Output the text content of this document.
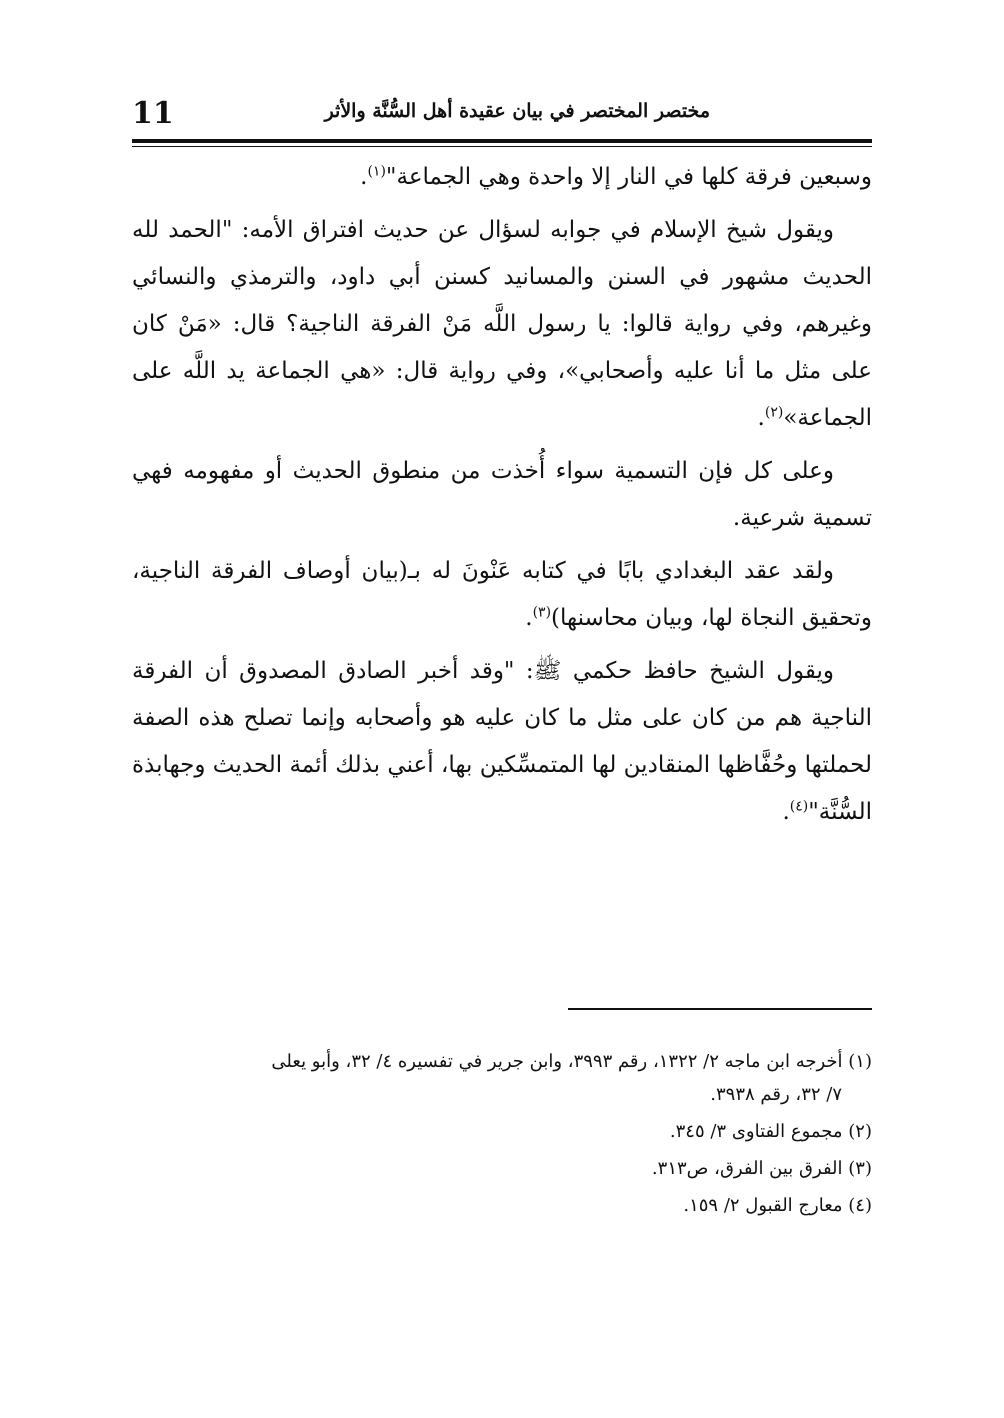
11	مختصر المختصر في بيان عقيدة أهل السُّنَّة والأثر

وسبعين فرقة كلها في النار إلا واحدة وهي الجماعة"$^{(١)}$.

ويقول شيخ الإسلام في جوابه لسؤال عن حديث افتراق الأمه: "الحمد لله الحديث مشهور في السنن والمسانيد كسنن أبي داود، والترمذي والنسائي وغيرهم، وفي رواية قالوا: يا رسول اللَّه مَنْ الفرقة الناجية؟ قال: «مَنْ كان على مثل ما أنا عليه وأصحابي»، وفي رواية قال: «هي الجماعة يد اللَّه على الجماعة»$^{(٢)}$.

وعلى كل فإن التسمية سواء أُخذت من منطوق الحديث أو مفهومه فهي تسمية شرعية.

ولقد عقد البغدادي بابًا في كتابه عَنْونَ له بـ(بيان أوصاف الفرقة الناجية، وتحقيق النجاة لها، وبيان محاسنها)$^{(٣)}$.

ويقول الشيخ حافظ حكمي ﷺ: "وقد أخبر الصادق المصدوق أن الفرقة الناجية هم من كان على مثل ما كان عليه هو وأصحابه وإنما تصلح هذه الصفة لحملتها وحُفَّاظها المنقادين لها المتمسِّكين بها، أعني بذلك أئمة الحديث وجهابذة السُّنَّة"$^{(٤)}$.

(١) أخرجه ابن ماجه ٢/ ١٣٢٢، رقم ٣٩٩٣، وابن جرير في تفسيره ٤/ ٣٢، وأبو يعلى
٧/ ٣٢، رقم ٣٩٣٨.
(٢) مجموع الفتاوى ٣/ ٣٤٥.
(٣) الفرق بين الفرق، ص٣١٣.
(٤) معارج القبول ٢/ ١٥٩.
